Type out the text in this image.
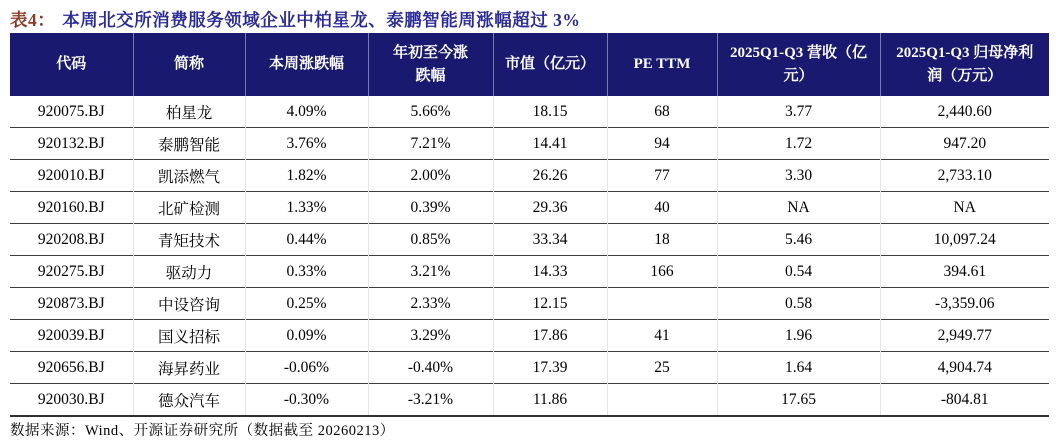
表4： 本周北交所消费服务领域企业中柏星龙、泰鹏智能周涨幅超过 3%
代码	简称	本周涨跌幅	年初至今涨跌幅	市值（亿元）	PE TTM	2025Q1-Q3 营收（亿元）	2025Q1-Q3 归母净利润（万元）
920075.BJ	柏星龙	4.09%	5.66%	18.15	68	3.77	2,440.60
920132.BJ	泰鹏智能	3.76%	7.21%	14.41	94	1.72	947.20
920010.BJ	凯添燃气	1.82%	2.00%	26.26	77	3.30	2,733.10
920160.BJ	北矿检测	1.33%	0.39%	29.36	40	NA	NA
920208.BJ	青矩技术	0.44%	0.85%	33.34	18	5.46	10,097.24
920275.BJ	驱动力	0.33%	3.21%	14.33	166	0.54	394.61
920873.BJ	中设咨询	0.25%	2.33%	12.15		0.58	-3,359.06
920039.BJ	国义招标	0.09%	3.29%	17.86	41	1.96	2,949.77
920656.BJ	海昇药业	-0.06%	-0.40%	17.39	25	1.64	4,904.74
920030.BJ	德众汽车	-0.30%	-3.21%	11.86		17.65	-804.81
数据来源：Wind、开源证券研究所（数据截至 20260213）
